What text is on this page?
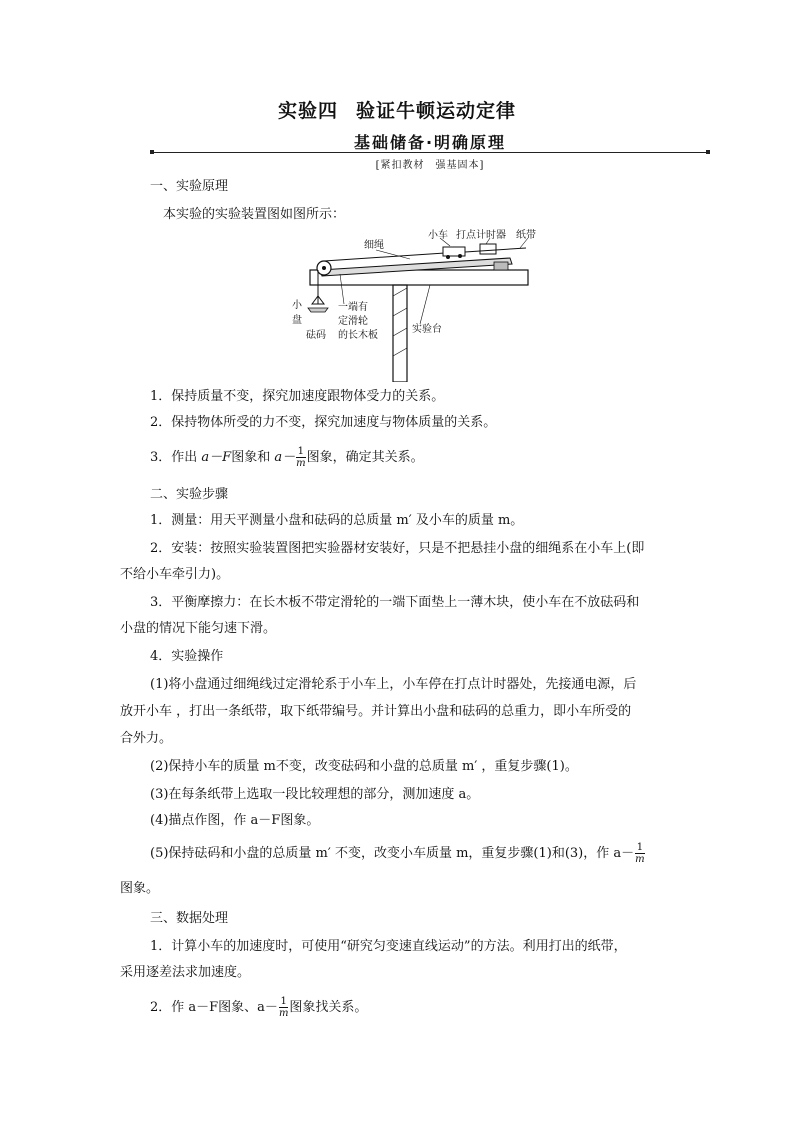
实验四 验证牛顿运动定律
基础储备·明确原理
[紧扣教材　强基固本]
一、实验原理
本实验的实验装置图如图所示：
细绳
小车 打点计时器 纸带
小
盘
砝码
一端有
定滑轮
的长木板
实验台
1．保持质量不变，探究加速度跟物体受力的关系。
2．保持物体所受的力不变，探究加速度与物体质量的关系。
3．作出 a－F图象和 $a- \frac{1}{m}$ 图象，确定其关系。
二、实验步骤
1．测量：用天平测量小盘和砝码的总质量 m′ 及小车的质量 m。
2．安装：按照实验装置图把实验器材安装好，只是不把悬挂小盘的细绳系在小车上(即
不给小车牵引力)。
3．平衡摩擦力：在长木板不带定滑轮的一端下面垫上一薄木块，使小车在不放砝码和
小盘的情况下能匀速下滑。
4．实验操作
(1)将小盘通过细绳线过定滑轮系于小车上，小车停在打点计时器处，先接通电源，后
放开小车 ，打出一条纸带，取下纸带编号。并计算出小盘和砝码的总重力，即小车所受的
合外力。
(2)保持小车的质量 m不变，改变砝码和小盘的总质量 m′ ，重复步骤(1)。
(3)在每条纸带上选取一段比较理想的部分，测加速度 a。
(4)描点作图，作 a－F图象。
(5)保持砝码和小盘的总质量 m′ 不变，改变小车质量 m，重复步骤(1)和(3)，作 $a- \frac{1}{m}$
图象。
三、数据处理
1．计算小车的加速度时，可使用“研究匀变速直线运动”的方法。利用打出的纸带，
采用逐差法求加速度。
2．作 a－F图象、$a- \frac{1}{m}$ 图象找关系。
